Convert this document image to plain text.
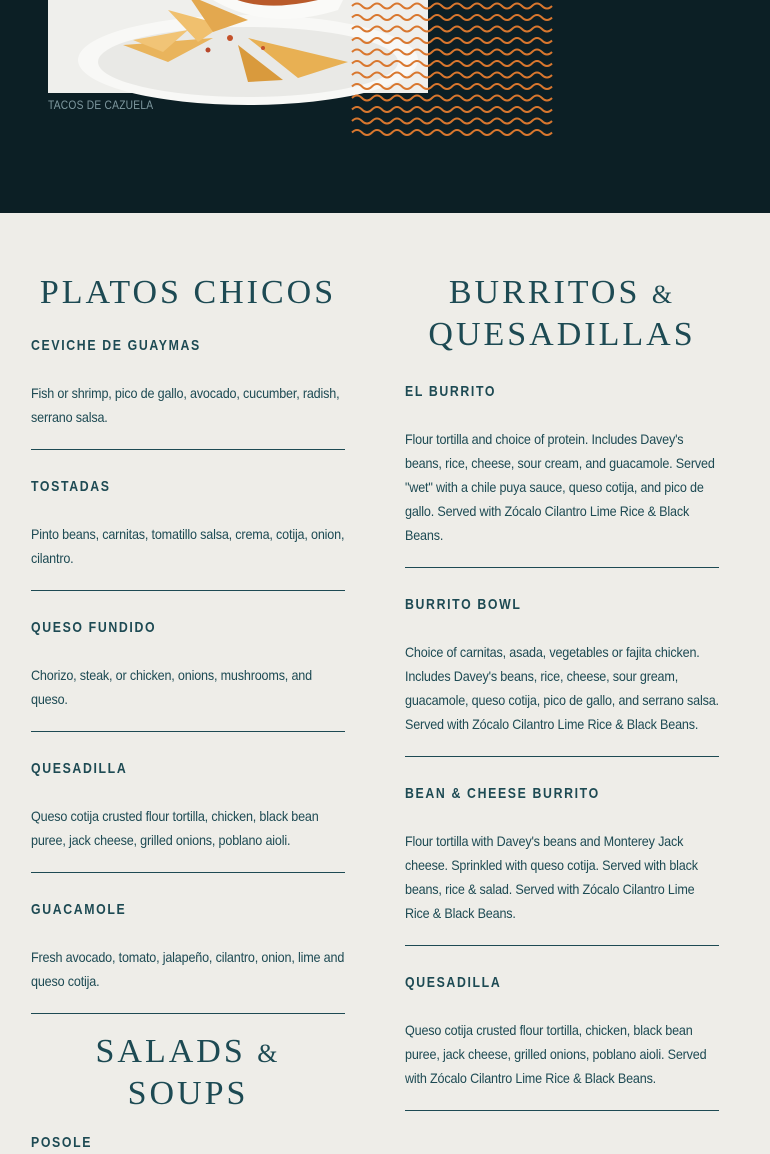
TACOS DE CAZUELA
PLATOS CHICOS
CEVICHE DE GUAYMAS
Fish or shrimp, pico de gallo, avocado, cucumber, radish, serrano salsa.
TOSTADAS
Pinto beans, carnitas, tomatillo salsa, crema, cotija, onion, cilantro.
QUESO FUNDIDO
Chorizo, steak, or chicken, onions, mushrooms, and queso.
QUESADILLA
Queso cotija crusted flour tortilla, chicken, black bean puree, jack cheese, grilled onions, poblano aioli.
GUACAMOLE
Fresh avocado, tomato, jalapeño, cilantro, onion, lime and queso cotija.
SALADS & SOUPS
POSOLE
BURRITOS &
QUESADILLAS
EL BURRITO
Flour tortilla and choice of protein. Includes Davey's beans, rice, cheese, sour cream, and guacamole. Served "wet" with a chile puya sauce, queso cotija, and pico de gallo. Served with Zócalo Cilantro Lime Rice & Black Beans.
BURRITO BOWL
Choice of carnitas, asada, vegetables or fajita chicken. Includes Davey's beans, rice, cheese, sour gream, guacamole, queso cotija, pico de gallo, and serrano salsa. Served with Zócalo Cilantro Lime Rice & Black Beans.
BEAN & CHEESE BURRITO
Flour tortilla with Davey's beans and Monterey Jack cheese. Sprinkled with queso cotija. Served with black beans, rice & salad. Served with Zócalo Cilantro Lime Rice & Black Beans.
QUESADILLA
Queso cotija crusted flour tortilla, chicken, black bean puree, jack cheese, grilled onions, poblano aioli. Served with Zócalo Cilantro Lime Rice & Black Beans.
